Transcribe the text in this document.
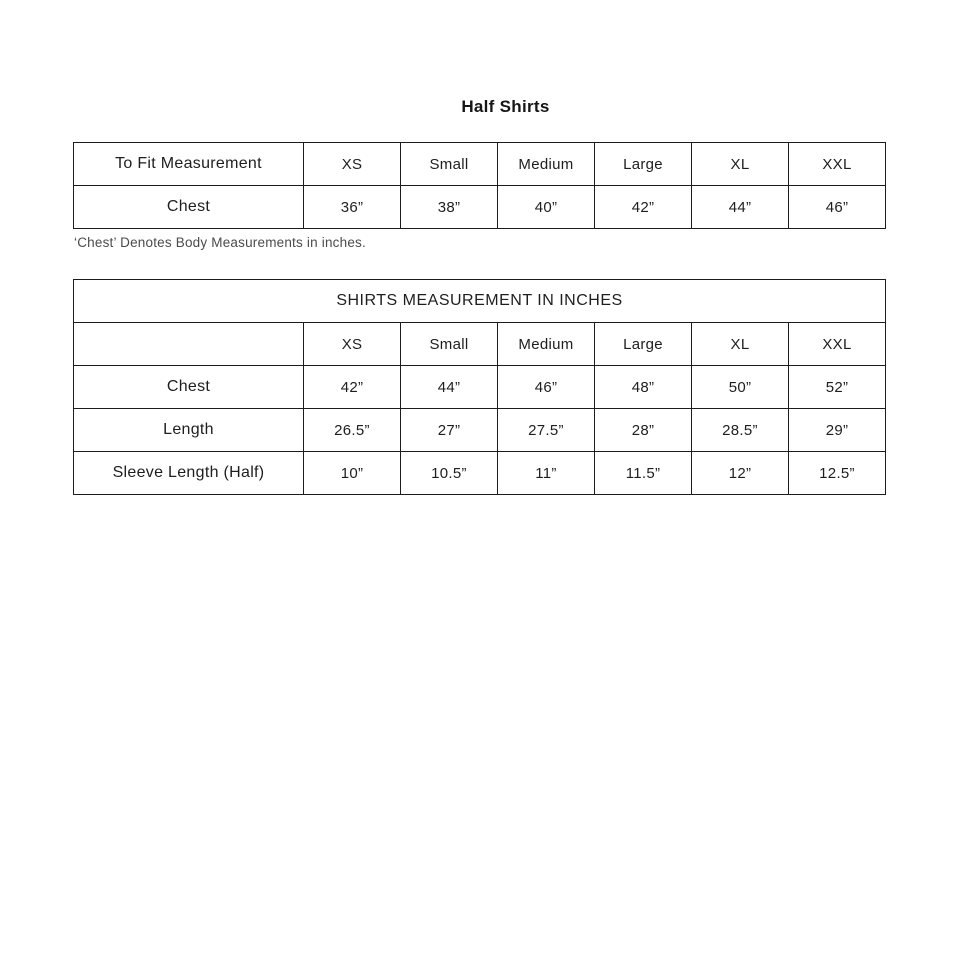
Half Shirts
To Fit Measurement	XS	Small	Medium	Large	XL	XXL
Chest	36”	38”	40”	42”	44”	46”
‘Chest’ Denotes Body Measurements in inches.
SHIRTS MEASUREMENT IN INCHES						
	XS	Small	Medium	Large	XL	XXL
Chest	42”	44”	46”	48”	50”	52”
Length	26.5”	27”	27.5”	28”	28.5”	29”
Sleeve Length (Half)	10”	10.5”	11”	11.5”	12”	12.5”
